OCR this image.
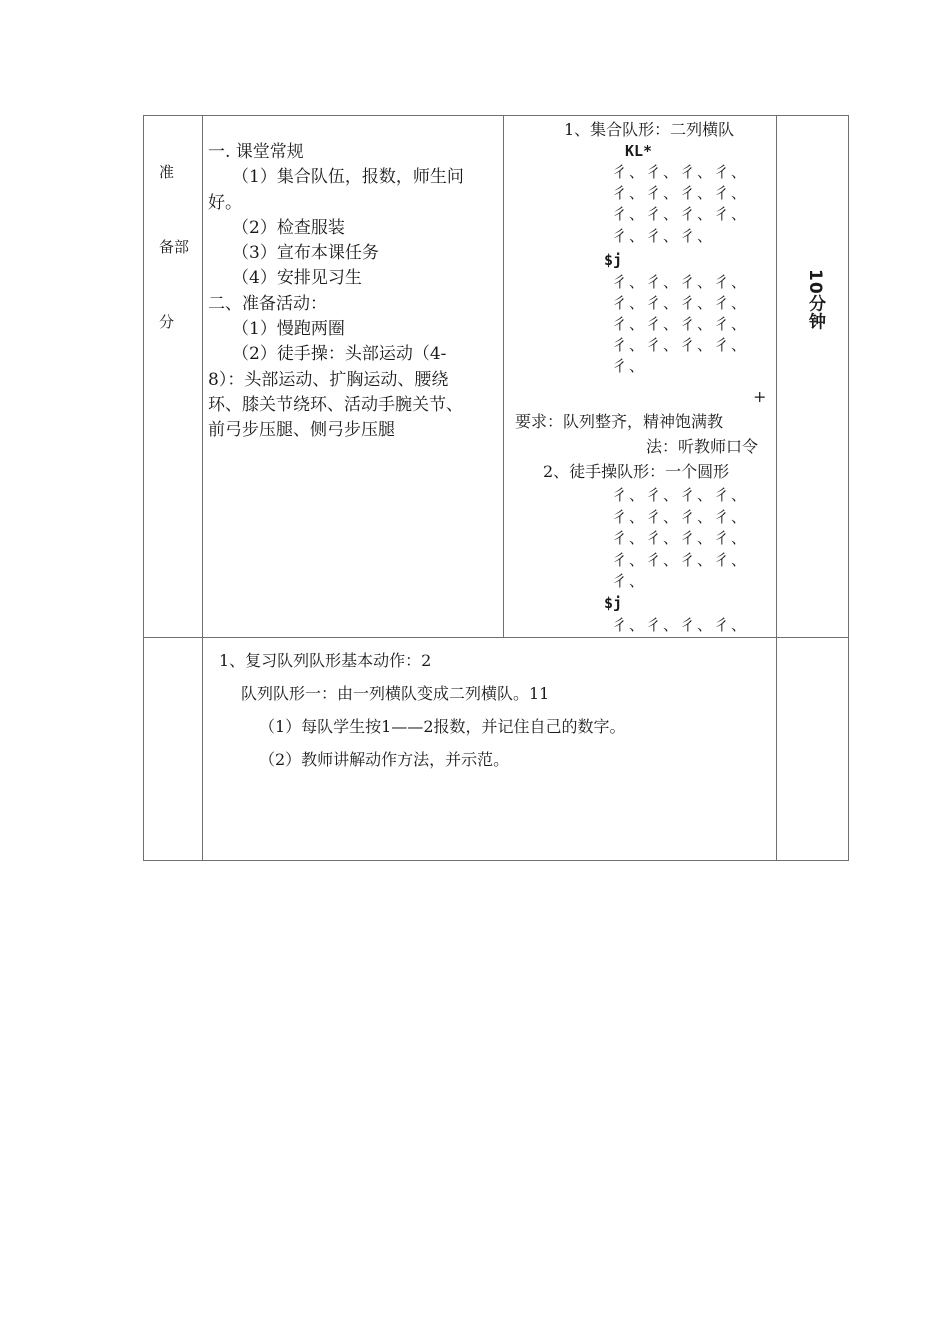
准
备部
分
一. 课堂常规
（1）集合队伍，报数，师生问
好。
（2）检查服装
（3）宣布本课任务
（4）安排见习生
二、准备活动：
（1）慢跑两圈
（2）徒手操：头部运动（4-
8）：头部运动、扩胸运动、腰绕
环、膝关节绕环、活动手腕关节、
前弓步压腿、侧弓步压腿
1、集合队形：二列横队
KL*
彳、彳、彳、彳、
彳、彳、彳、彳、
彳、彳、彳、彳、
彳、彳、彳、
$j
彳、彳、彳、彳、
彳、彳、彳、彳、
彳、彳、彳、彳、
彳、彳、彳、彳、
彳、
+
要求：队列整齐，精神饱满教
法：听教师口令
2、徒手操队形：一个圆形
彳、彳、彳、彳、
彳、彳、彳、彳、
彳、彳、彳、彳、
彳、彳、彳、彳、
彳、
$j
彳、彳、彳、彳、
10分钟
1、复习队列队形基本动作：2
队列队形一：由一列横队变成二列横队。11
（1）每队学生按1——2报数，并记住自己的数字。
（2）教师讲解动作方法，并示范。
